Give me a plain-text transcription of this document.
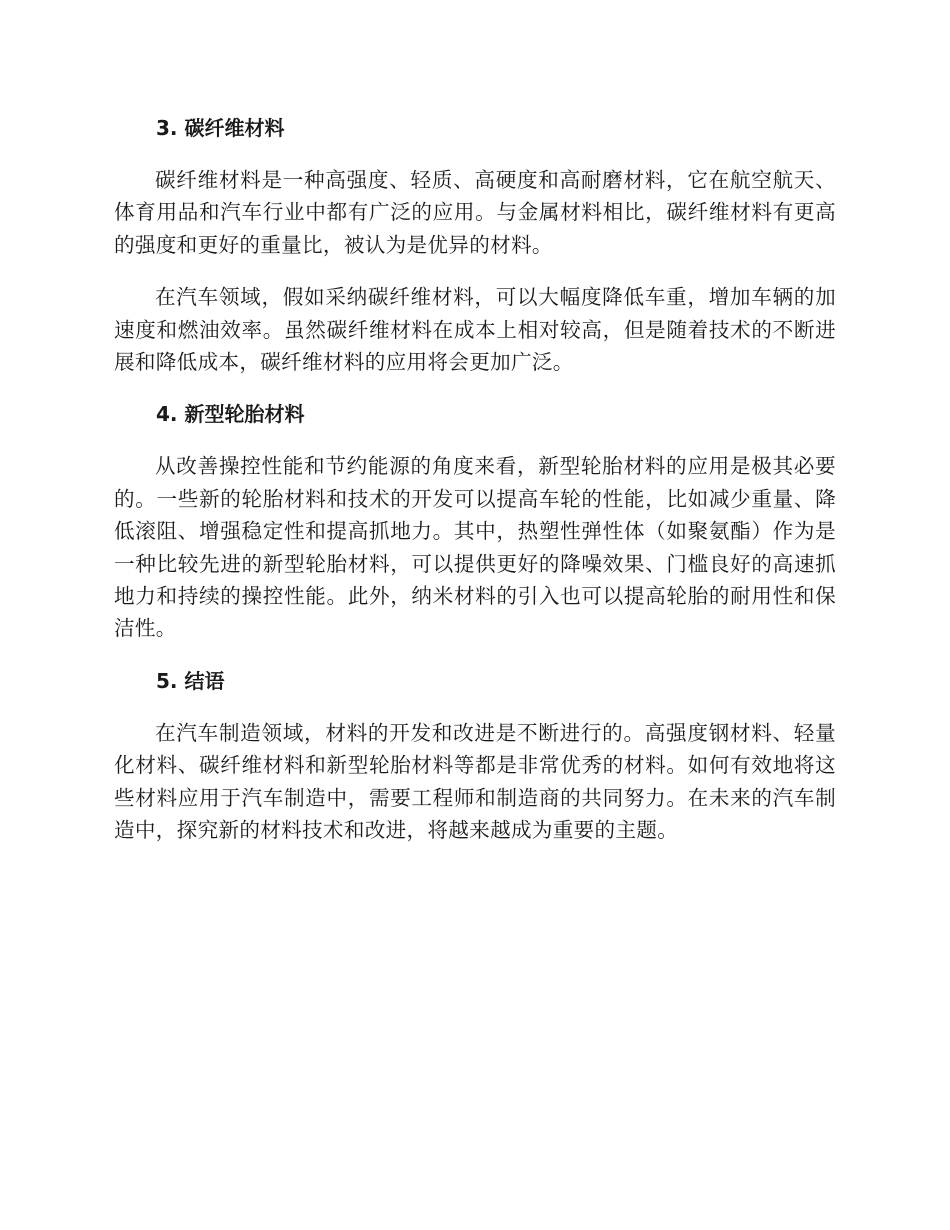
3. 碳纤维材料

碳纤维材料是一种高强度、轻质、高硬度和高耐磨材料，它在航空航天、体育用品和汽车行业中都有广泛的应用。与金属材料相比，碳纤维材料有更高的强度和更好的重量比，被认为是优异的材料。

在汽车领域，假如采纳碳纤维材料，可以大幅度降低车重，增加车辆的加速度和燃油效率。虽然碳纤维材料在成本上相对较高，但是随着技术的不断进展和降低成本，碳纤维材料的应用将会更加广泛。

4. 新型轮胎材料

从改善操控性能和节约能源的角度来看，新型轮胎材料的应用是极其必要的。一些新的轮胎材料和技术的开发可以提高车轮的性能，比如减少重量、降低滚阻、增强稳定性和提高抓地力。其中，热塑性弹性体（如聚氨酯）作为是一种比较先进的新型轮胎材料，可以提供更好的降噪效果、门槛良好的高速抓地力和持续的操控性能。此外，纳米材料的引入也可以提高轮胎的耐用性和保洁性。

5. 结语

在汽车制造领域，材料的开发和改进是不断进行的。高强度钢材料、轻量化材料、碳纤维材料和新型轮胎材料等都是非常优秀的材料。如何有效地将这些材料应用于汽车制造中，需要工程师和制造商的共同努力。在未来的汽车制造中，探究新的材料技术和改进，将越来越成为重要的主题。
